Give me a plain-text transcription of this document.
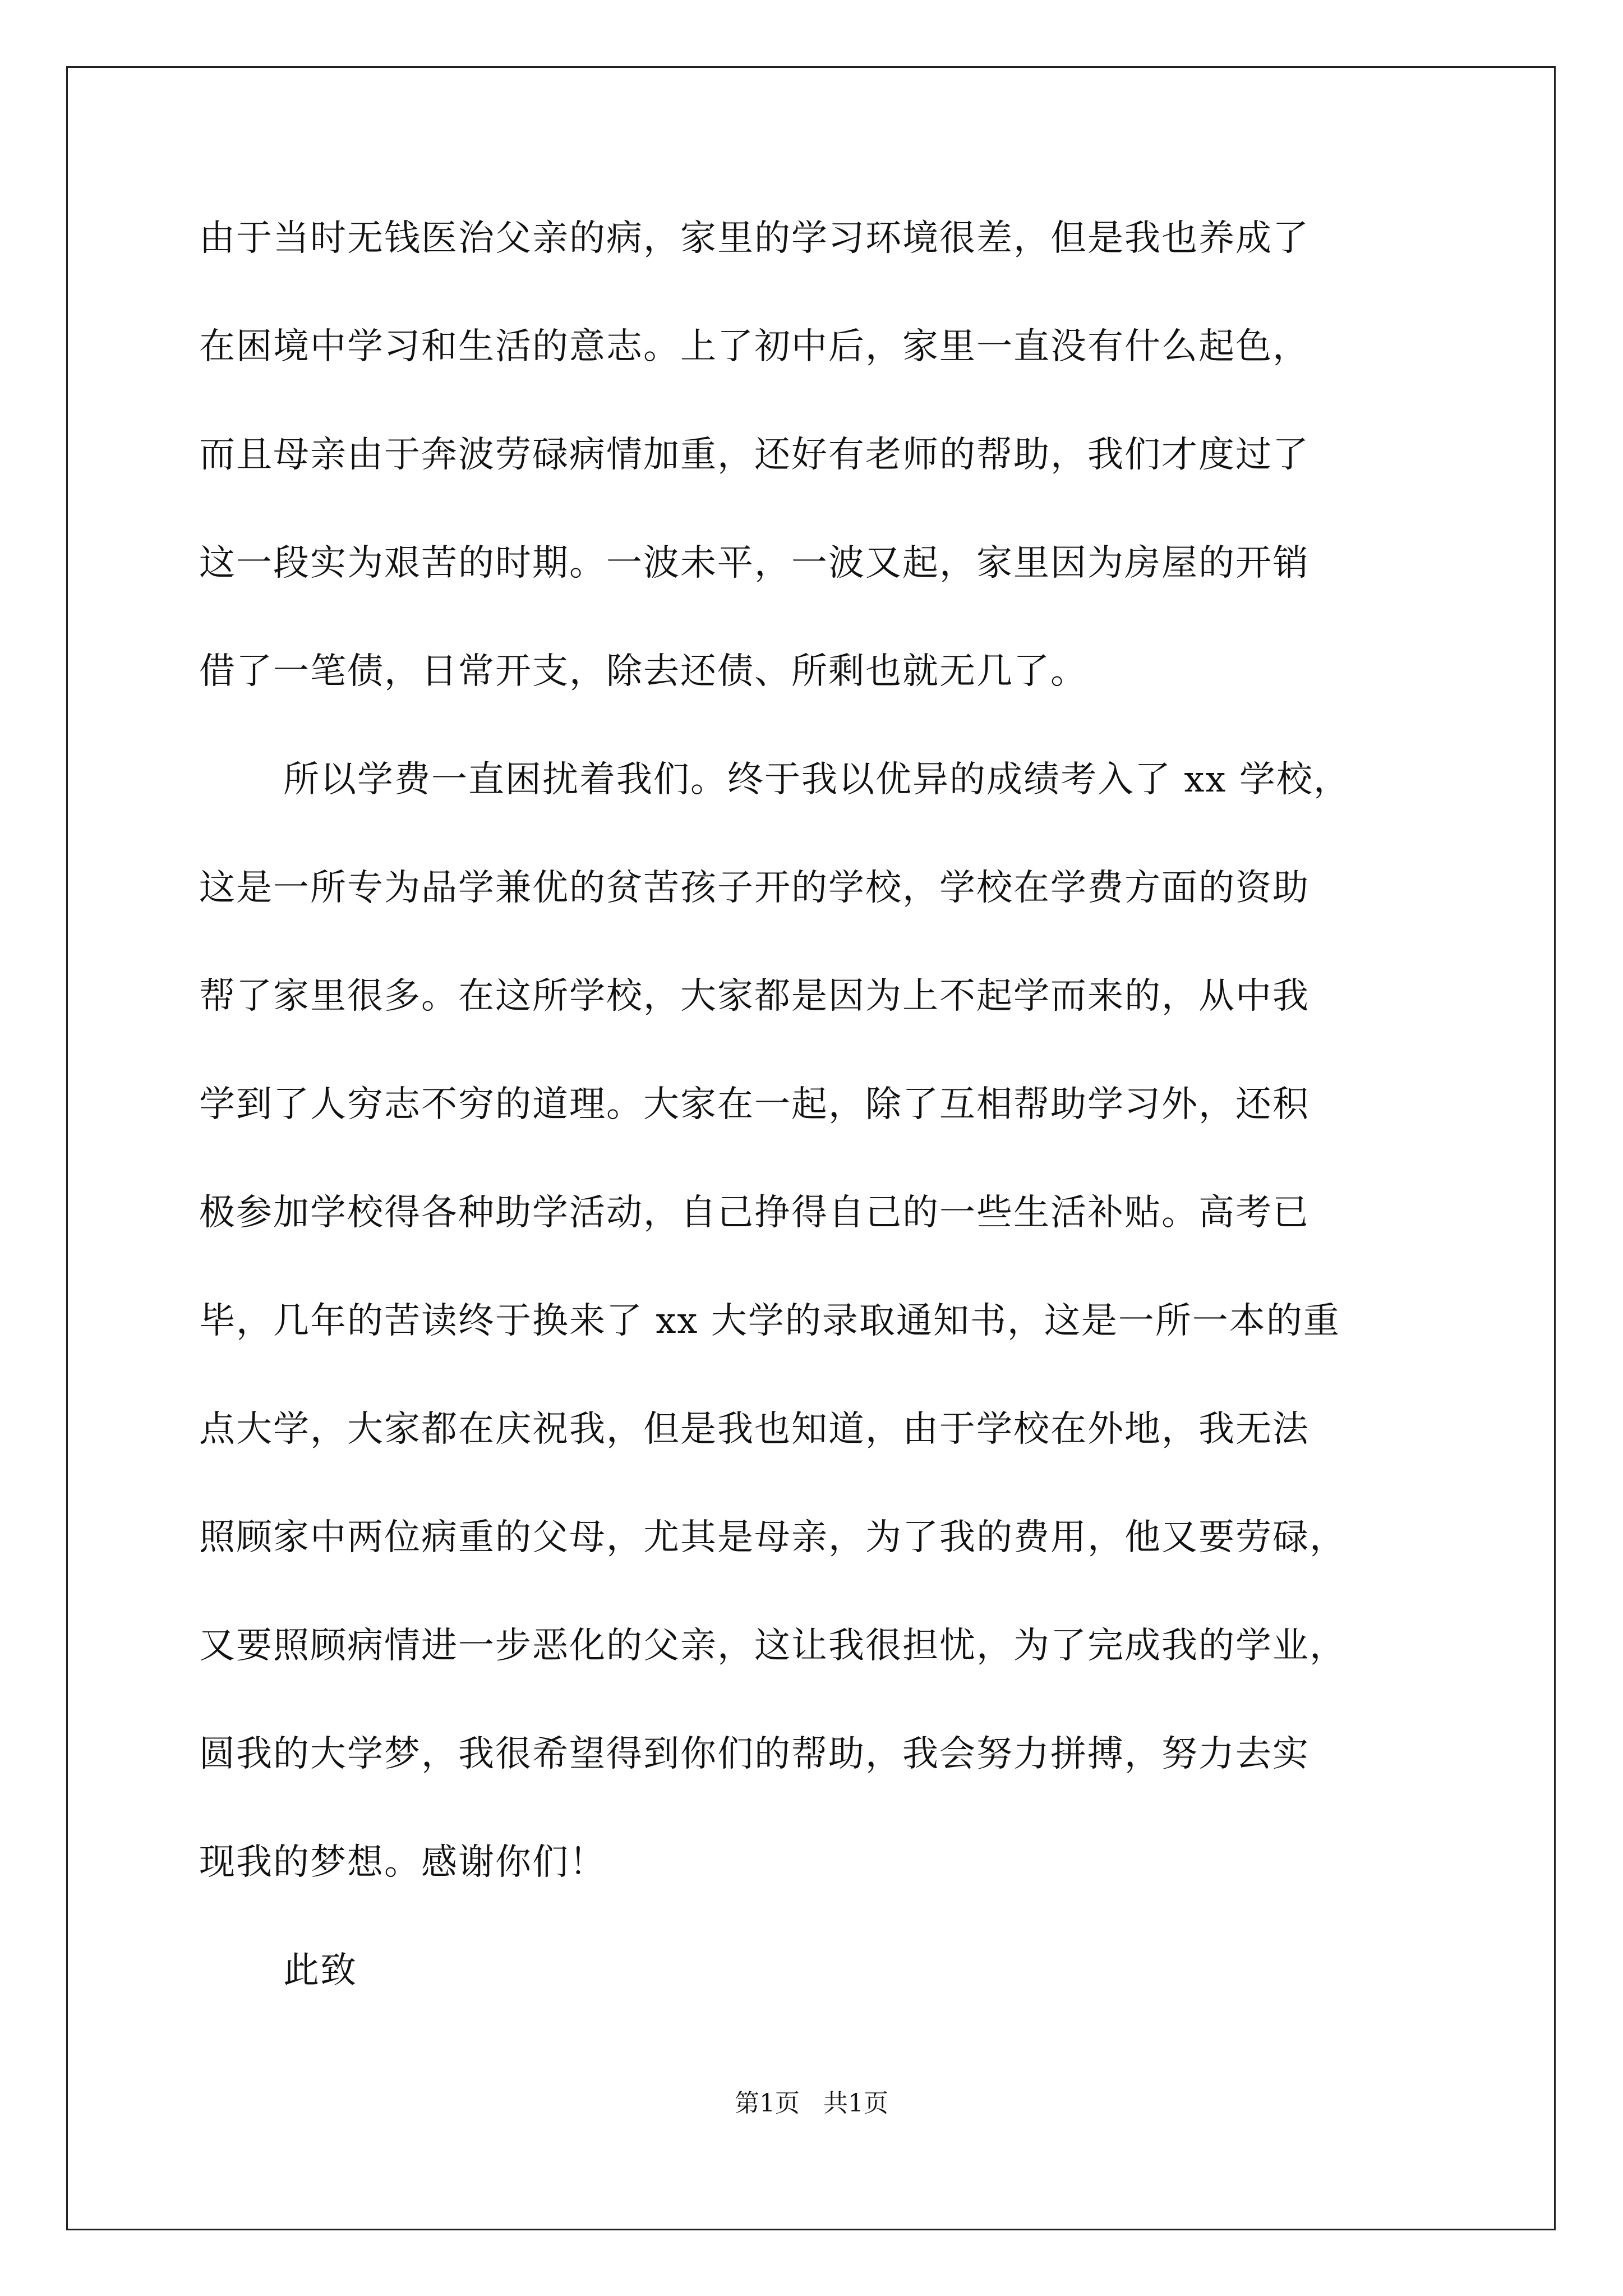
由于当时无钱医治父亲的病，家里的学习环境很差，但是我也养成了
在困境中学习和生活的意志。上了初中后，家里一直没有什么起色，
而且母亲由于奔波劳碌病情加重，还好有老师的帮助，我们才度过了
这一段实为艰苦的时期。一波未平，一波又起，家里因为房屋的开销
借了一笔债，日常开支，除去还债、所剩也就无几了。
所以学费一直困扰着我们。终于我以优异的成绩考入了 xx 学校，
这是一所专为品学兼优的贫苦孩子开的学校，学校在学费方面的资助
帮了家里很多。在这所学校，大家都是因为上不起学而来的，从中我
学到了人穷志不穷的道理。大家在一起，除了互相帮助学习外，还积
极参加学校得各种助学活动，自己挣得自己的一些生活补贴。高考已
毕，几年的苦读终于换来了 xx 大学的录取通知书，这是一所一本的重
点大学，大家都在庆祝我，但是我也知道，由于学校在外地，我无法
照顾家中两位病重的父母，尤其是母亲，为了我的费用，他又要劳碌，
又要照顾病情进一步恶化的父亲，这让我很担忧，为了完成我的学业，
圆我的大学梦，我很希望得到你们的帮助，我会努力拼搏，努力去实
现我的梦想。感谢你们！
此致
第1页   共1页
